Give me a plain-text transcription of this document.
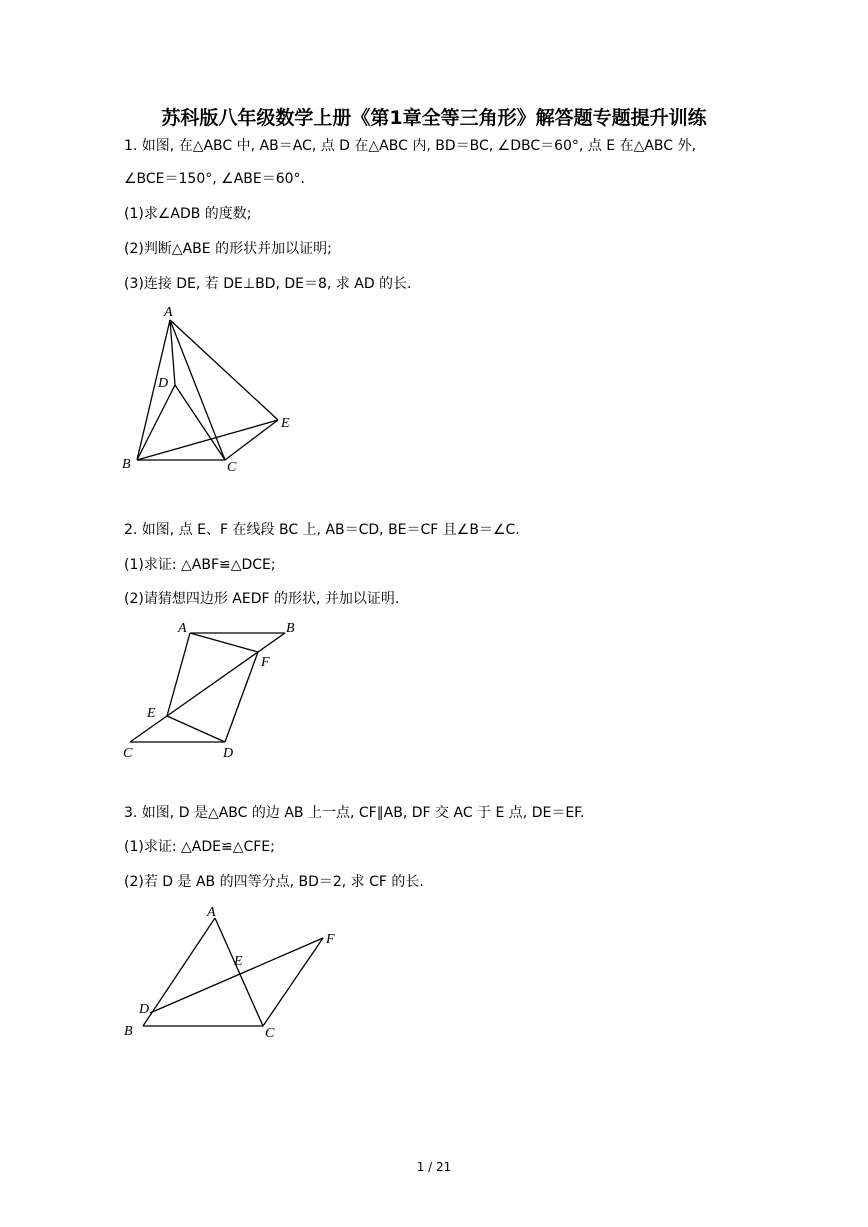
苏科版八年级数学上册《第1章全等三角形》解答题专题提升训练
1. 如图, 在△ABC 中, AB＝AC, 点 D 在△ABC 内, BD＝BC, ∠DBC＝60°, 点 E 在△ABC 外,
∠BCE＝150°, ∠ABE＝60°.
(1)求∠ADB 的度数;
(2)判断△ABE 的形状并加以证明;
(3)连接 DE, 若 DE⊥BD, DE＝8, 求 AD 的长.
A
D
B	C
E
A	B
F
E
C	D
A
F
E
D
B	C
2. 如图, 点 E、F 在线段 BC 上, AB＝CD, BE＝CF 且∠B＝∠C.
(1)求证: △ABF≌△DCE;
(2)请猜想四边形 AEDF 的形状, 并加以证明.
3. 如图, D 是△ABC 的边 AB 上一点, CF∥AB, DF 交 AC 于 E 点, DE＝EF.
(1)求证: △ADE≌△CFE;
(2)若 D 是 AB 的四等分点, BD＝2, 求 CF 的长.
1 / 21
